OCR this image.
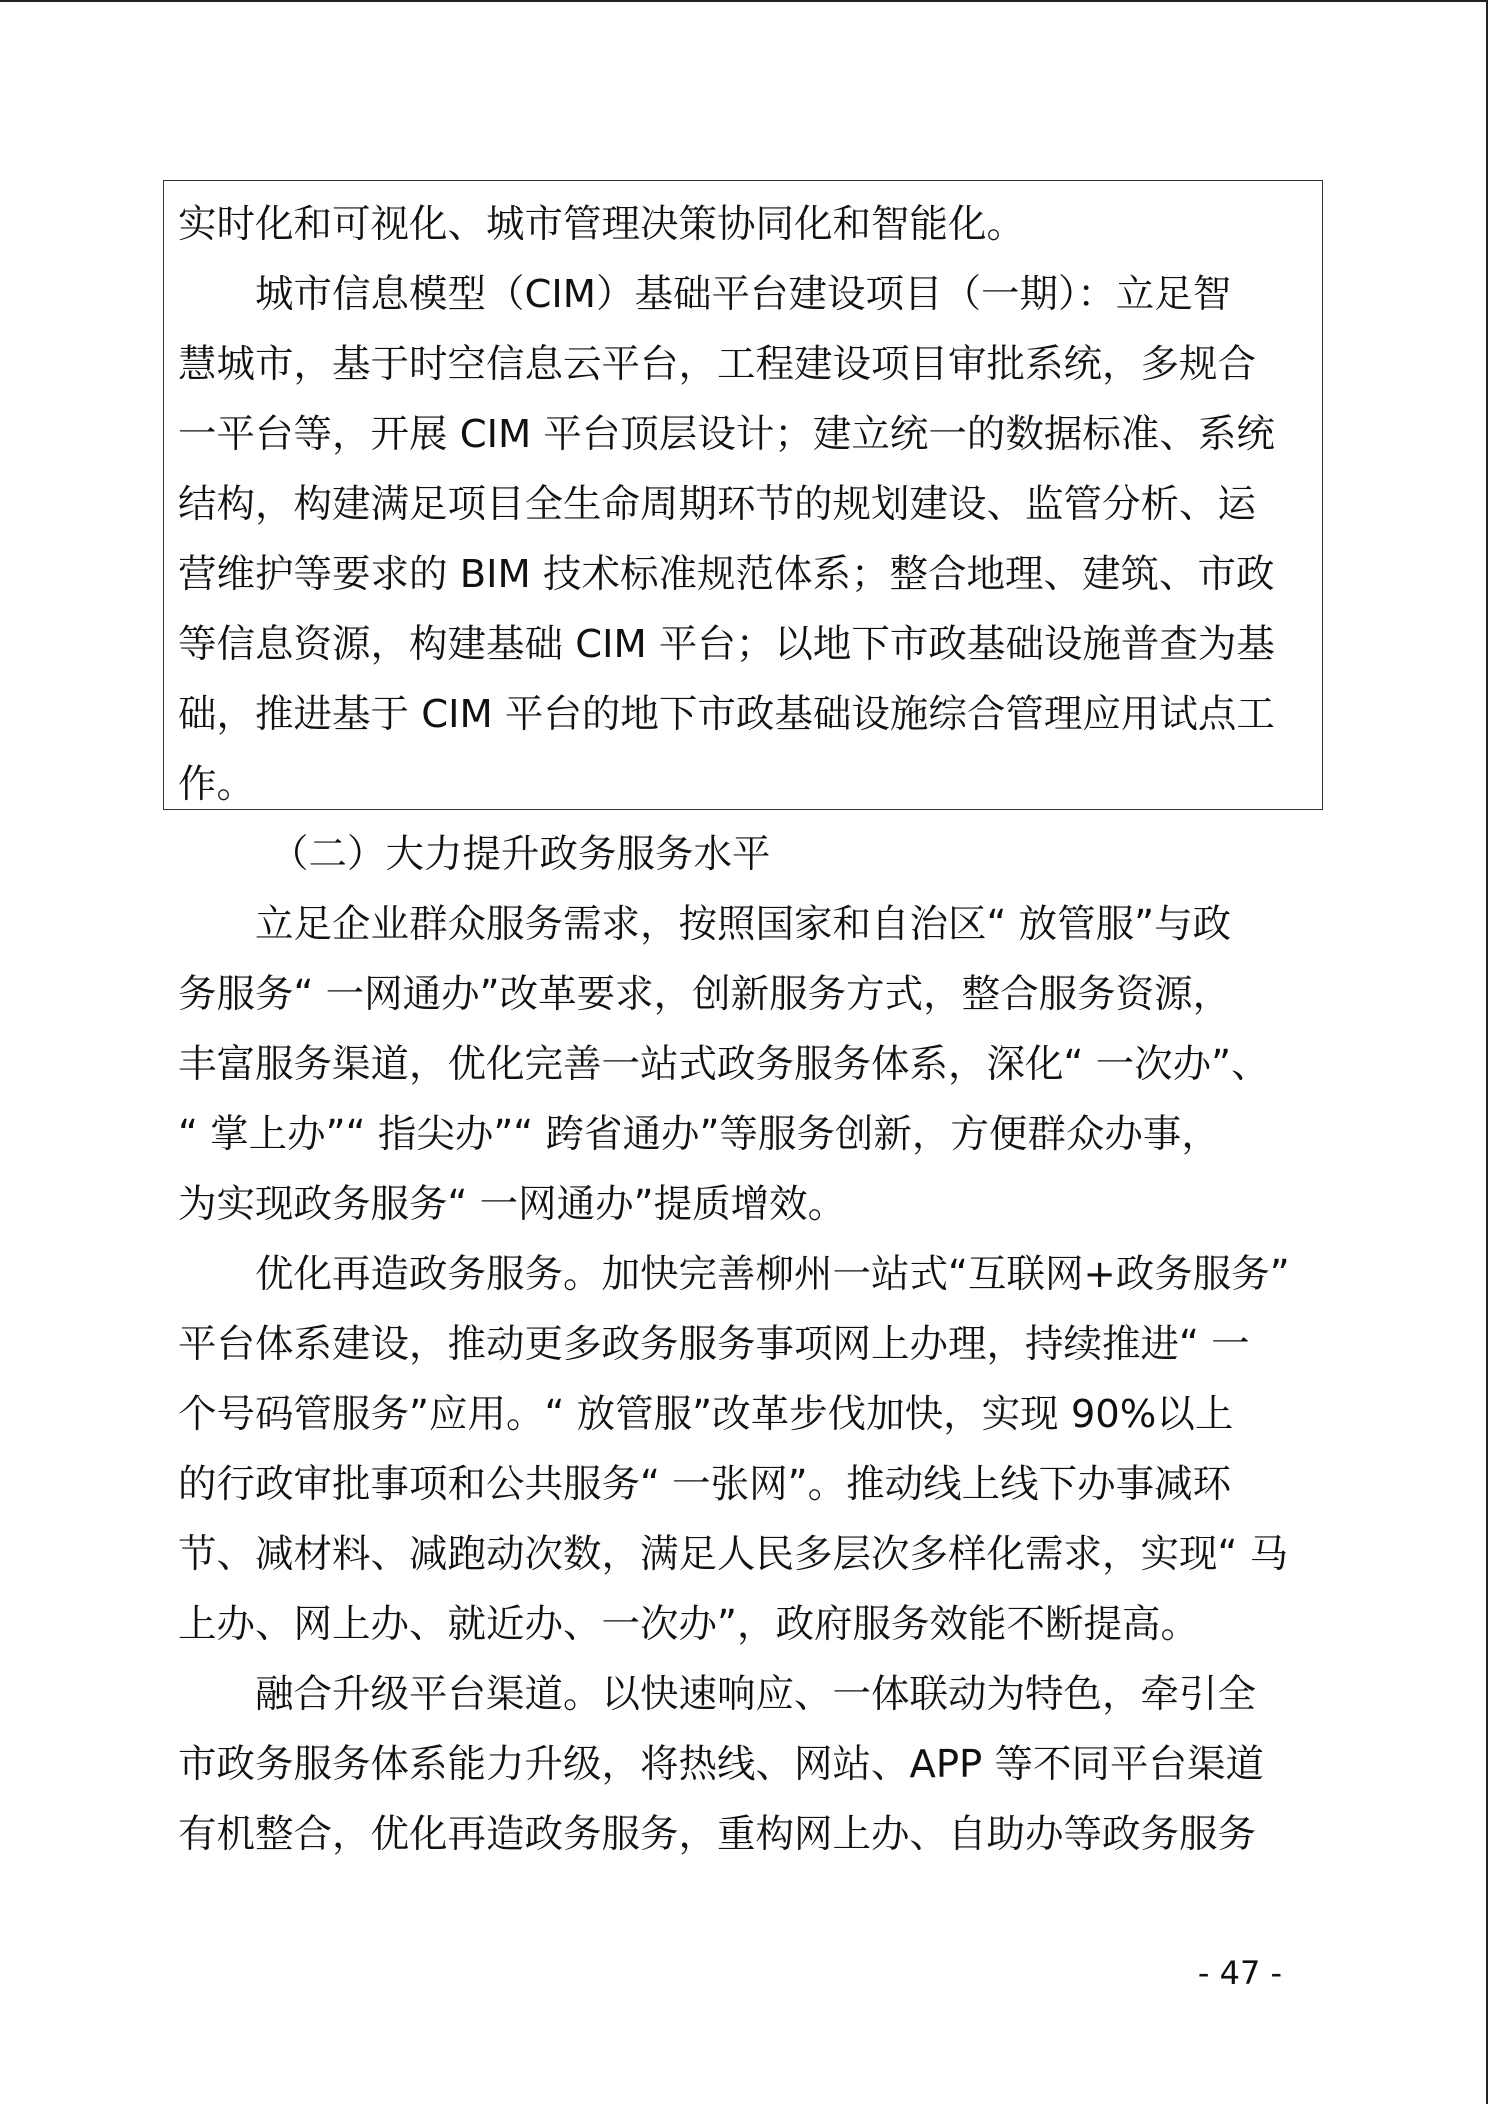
实时化和可视化、城市管理决策协同化和智能化。
城市信息模型（CIM）基础平台建设项目（一期）：立足智
慧城市，基于时空信息云平台，工程建设项目审批系统，多规合
一平台等，开展 CIM 平台顶层设计；建立统一的数据标准、系统
结构，构建满足项目全生命周期环节的规划建设、监管分析、运
营维护等要求的 BIM 技术标准规范体系；整合地理、建筑、市政
等信息资源，构建基础 CIM 平台；以地下市政基础设施普查为基
础，推进基于 CIM 平台的地下市政基础设施综合管理应用试点工
作。
（二）大力提升政务服务水平
立足企业群众服务需求，按照国家和自治区“ 放管服”与政
务服务“ 一网通办”改革要求，创新服务方式，整合服务资源，
丰富服务渠道，优化完善一站式政务服务体系，深化“ 一次办”、
“ 掌上办”“ 指尖办”“ 跨省通办”等服务创新，方便群众办事，
为实现政务服务“ 一网通办”提质增效。
优化再造政务服务。加快完善柳州一站式“互联网+政务服务”
平台体系建设，推动更多政务服务事项网上办理，持续推进“ 一
个号码管服务”应用。“ 放管服”改革步伐加快，实现 90%以上
的行政审批事项和公共服务“ 一张网”。推动线上线下办事减环
节、减材料、减跑动次数，满足人民多层次多样化需求，实现“ 马
上办、网上办、就近办、一次办”，政府服务效能不断提高。
融合升级平台渠道。以快速响应、一体联动为特色，牵引全
市政务服务体系能力升级，将热线、网站、APP 等不同平台渠道
有机整合，优化再造政务服务，重构网上办、自助办等政务服务
- 47 -
